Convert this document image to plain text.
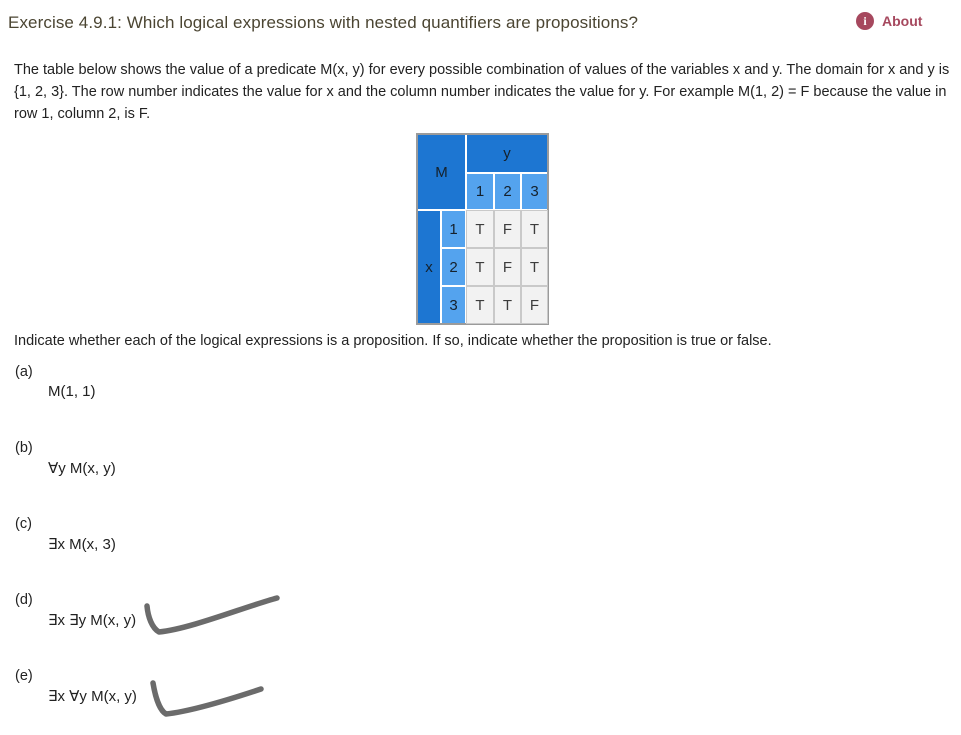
Exercise 4.9.1: Which logical expressions with nested quantifiers are propositions?	i	About
The table below shows the value of a predicate M(x, y) for every possible combination of values of the variables x and y. The domain for x and y is {1, 2, 3}. The row number indicates the value for x and the column number indicates the value for y. For example M(1, 2) = F because the value in row 1, column 2, is F.
M
y
1	2	3
x
1	T	F	T
2	T	F	T
3	T	T	F
Indicate whether each of the logical expressions is a proposition. If so, indicate whether the proposition is true or false.
(a)
M(1, 1)
(b)
∀y M(x, y)
(c)
∃x M(x, 3)
(d)
∃x ∃y M(x, y)
(e)
∃x ∀y M(x, y)
